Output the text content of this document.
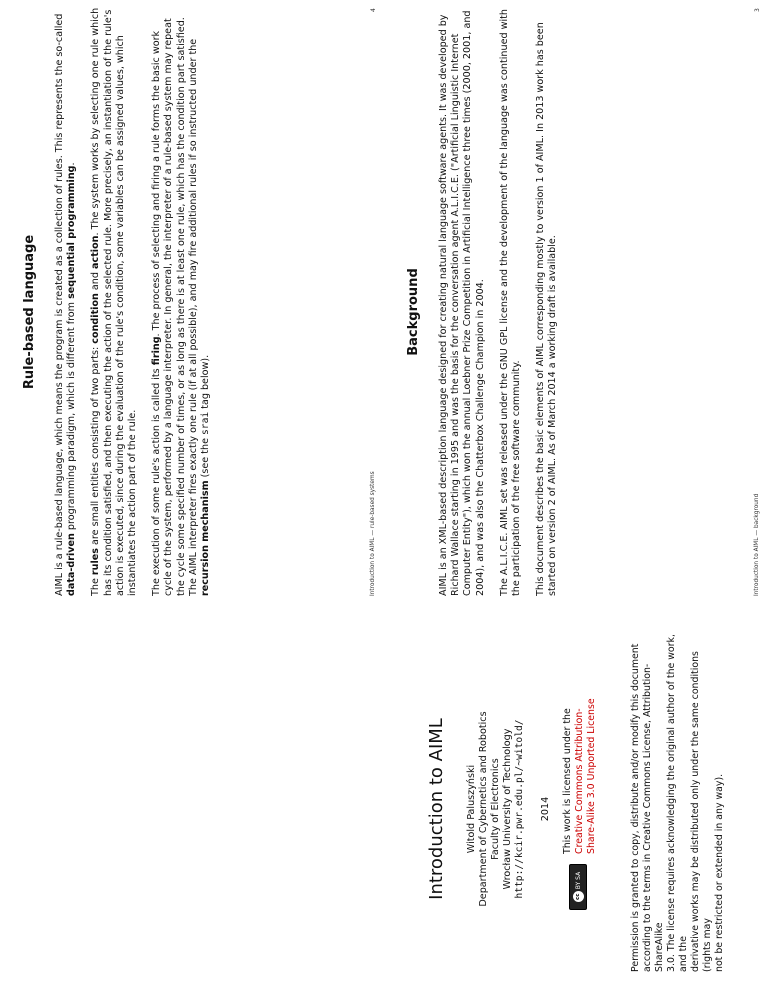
Introduction to AIML Witold Paluszyński Department of Cybernetics and Robotics Faculty of Electronics Wrocław University of Technology http://kcir.pwr.edu.pl/~witold/ 2014
cc
BY SA
This work is licensed under the Creative Commons Attribution- Share-Alike 3.0 Unported License	Permission is granted to copy, distribute and/or modify this document according to the terms in Creative Commons License, Attribution-ShareAlike 3.0. The license requires acknowledging the original author of the work, and the derivative works may be distributed only under the same conditions (rights may not be restricted or extended in any way).
Background AIML is an XML-based description language designed for creating natural language software agents. It was developed by Richard Wallace starting in 1995 and was the basis for the conversation agent A.L.I.C.E. ("Artificial Linguistic Internet Computer Entity"), which won the annual Loebner Prize Competition in Artificial Intelligence three times (2000, 2001, and 2004), and was also the Chatterbox Challenge Champion in 2004. The A.L.I.C.E. AIML set was released under the GNU GPL license and the development of the language was continued with the participation of the free software community. This document describes the basic elements of AIML corresponding mostly to version 1 of AIML. In 2013 work has been started on version 2 of AIML. As of March 2014 a working draft is available.	Introduction to AIML — background
3
Rule-based language AIML is a rule-based language, which means the program is created as a collection of rules. This represents the so-called data-driven programming paradigm, which is different from sequential programming.

The rules are small entities consisting of two parts: condition and action. The system works by selecting one rule which has its condition satisfied, and then executing the action of the selected rule. More precisely, an instantiation of the rule's action is executed, since during the evaluation of the rule's condition, some variables can be assigned values, which instantiates the action part of the rule. The execution of some rule's action is called its firing. The process of selecting and firing a rule forms the basic work cycle of the system, performed by a language interpreter. In general, the interpreter of a rule-based system may repeat the cycle some specified number of times, or as long as there is at least one rule, which has the condition part satisfied. The AIML interpreter fires exactly one rule (if at all possible), and may fire additional rules if so instructed under the recursion mechanism (see the srai tag below).

Introduction to AIML — rule-based systems
4
